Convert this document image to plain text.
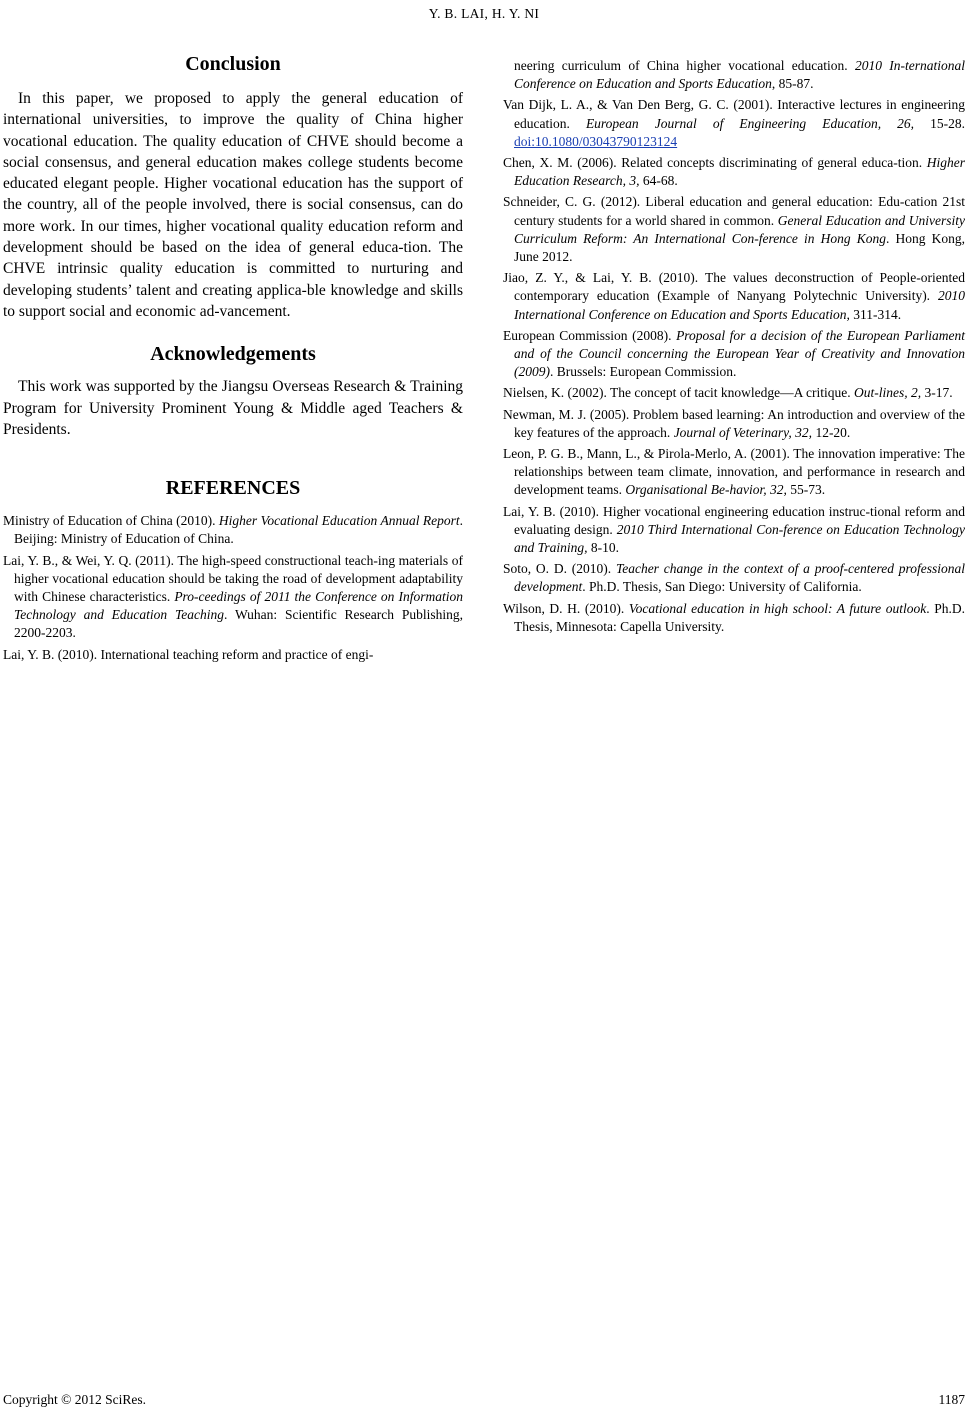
Y. B. LAI, H. Y. NI
Conclusion

In this paper, we proposed to apply the general education of international universities, to improve the quality of China higher vocational education. The quality education of CHVE should become a social consensus, and general education makes college students become educated elegant people. Higher vocational education has the support of the country, all of the people involved, there is social consensus, can do more work. In our times, higher vocational quality education reform and development should be based on the idea of general educa-tion. The CHVE intrinsic quality education is committed to nurturing and developing students’ talent and creating applica-ble knowledge and skills to support social and economic ad-vancement.

Acknowledgements

This work was supported by the Jiangsu Overseas Research & Training Program for University Prominent Young & Middle aged Teachers & Presidents.

REFERENCES
Ministry of Education of China (2010). Higher Vocational Education Annual Report. Beijing: Ministry of Education of China.
Lai, Y. B., & Wei, Y. Q. (2011). The high-speed constructional teach-ing materials of higher vocational education should be taking the road of development adaptability with Chinese characteristics. Pro-ceedings of 2011 the Conference on Information Technology and Education Teaching. Wuhan: Scientific Research Publishing, 2200-2203.
Lai, Y. B. (2010). International teaching reform and practice of engi-
neering curriculum of China higher vocational education. 2010 In-ternational Conference on Education and Sports Education, 85-87.
Van Dijk, L. A., & Van Den Berg, G. C. (2001). Interactive lectures in engineering education. European Journal of Engineering Education, 26, 15-28. doi:10.1080/03043790123124
Chen, X. M. (2006). Related concepts discriminating of general educa-tion. Higher Education Research, 3, 64-68.
Schneider, C. G. (2012). Liberal education and general education: Edu-cation 21st century students for a world shared in common. General Education and University Curriculum Reform: An International Con-ference in Hong Kong. Hong Kong, June 2012.
Jiao, Z. Y., & Lai, Y. B. (2010). The values deconstruction of People-oriented contemporary education (Example of Nanyang Polytechnic University). 2010 International Conference on Education and Sports Education, 311-314.
European Commission (2008). Proposal for a decision of the European Parliament and of the Council concerning the European Year of Creativity and Innovation (2009). Brussels: European Commission.
Nielsen, K. (2002). The concept of tacit knowledge—A critique. Out-lines, 2, 3-17.
Newman, M. J. (2005). Problem based learning: An introduction and overview of the key features of the approach. Journal of Veterinary, 32, 12-20.
Leon, P. G. B., Mann, L., & Pirola-Merlo, A. (2001). The innovation imperative: The relationships between team climate, innovation, and performance in research and development teams. Organisational Be-havior, 32, 55-73.
Lai, Y. B. (2010). Higher vocational engineering education instruc-tional reform and evaluating design. 2010 Third International Con-ference on Education Technology and Training, 8-10.
Soto, O. D. (2010). Teacher change in the context of a proof-centered professional development. Ph.D. Thesis, San Diego: University of California.
Wilson, D. H. (2010). Vocational education in high school: A future outlook. Ph.D. Thesis, Minnesota: Capella University.
Copyright © 2012 SciRes.	1187
